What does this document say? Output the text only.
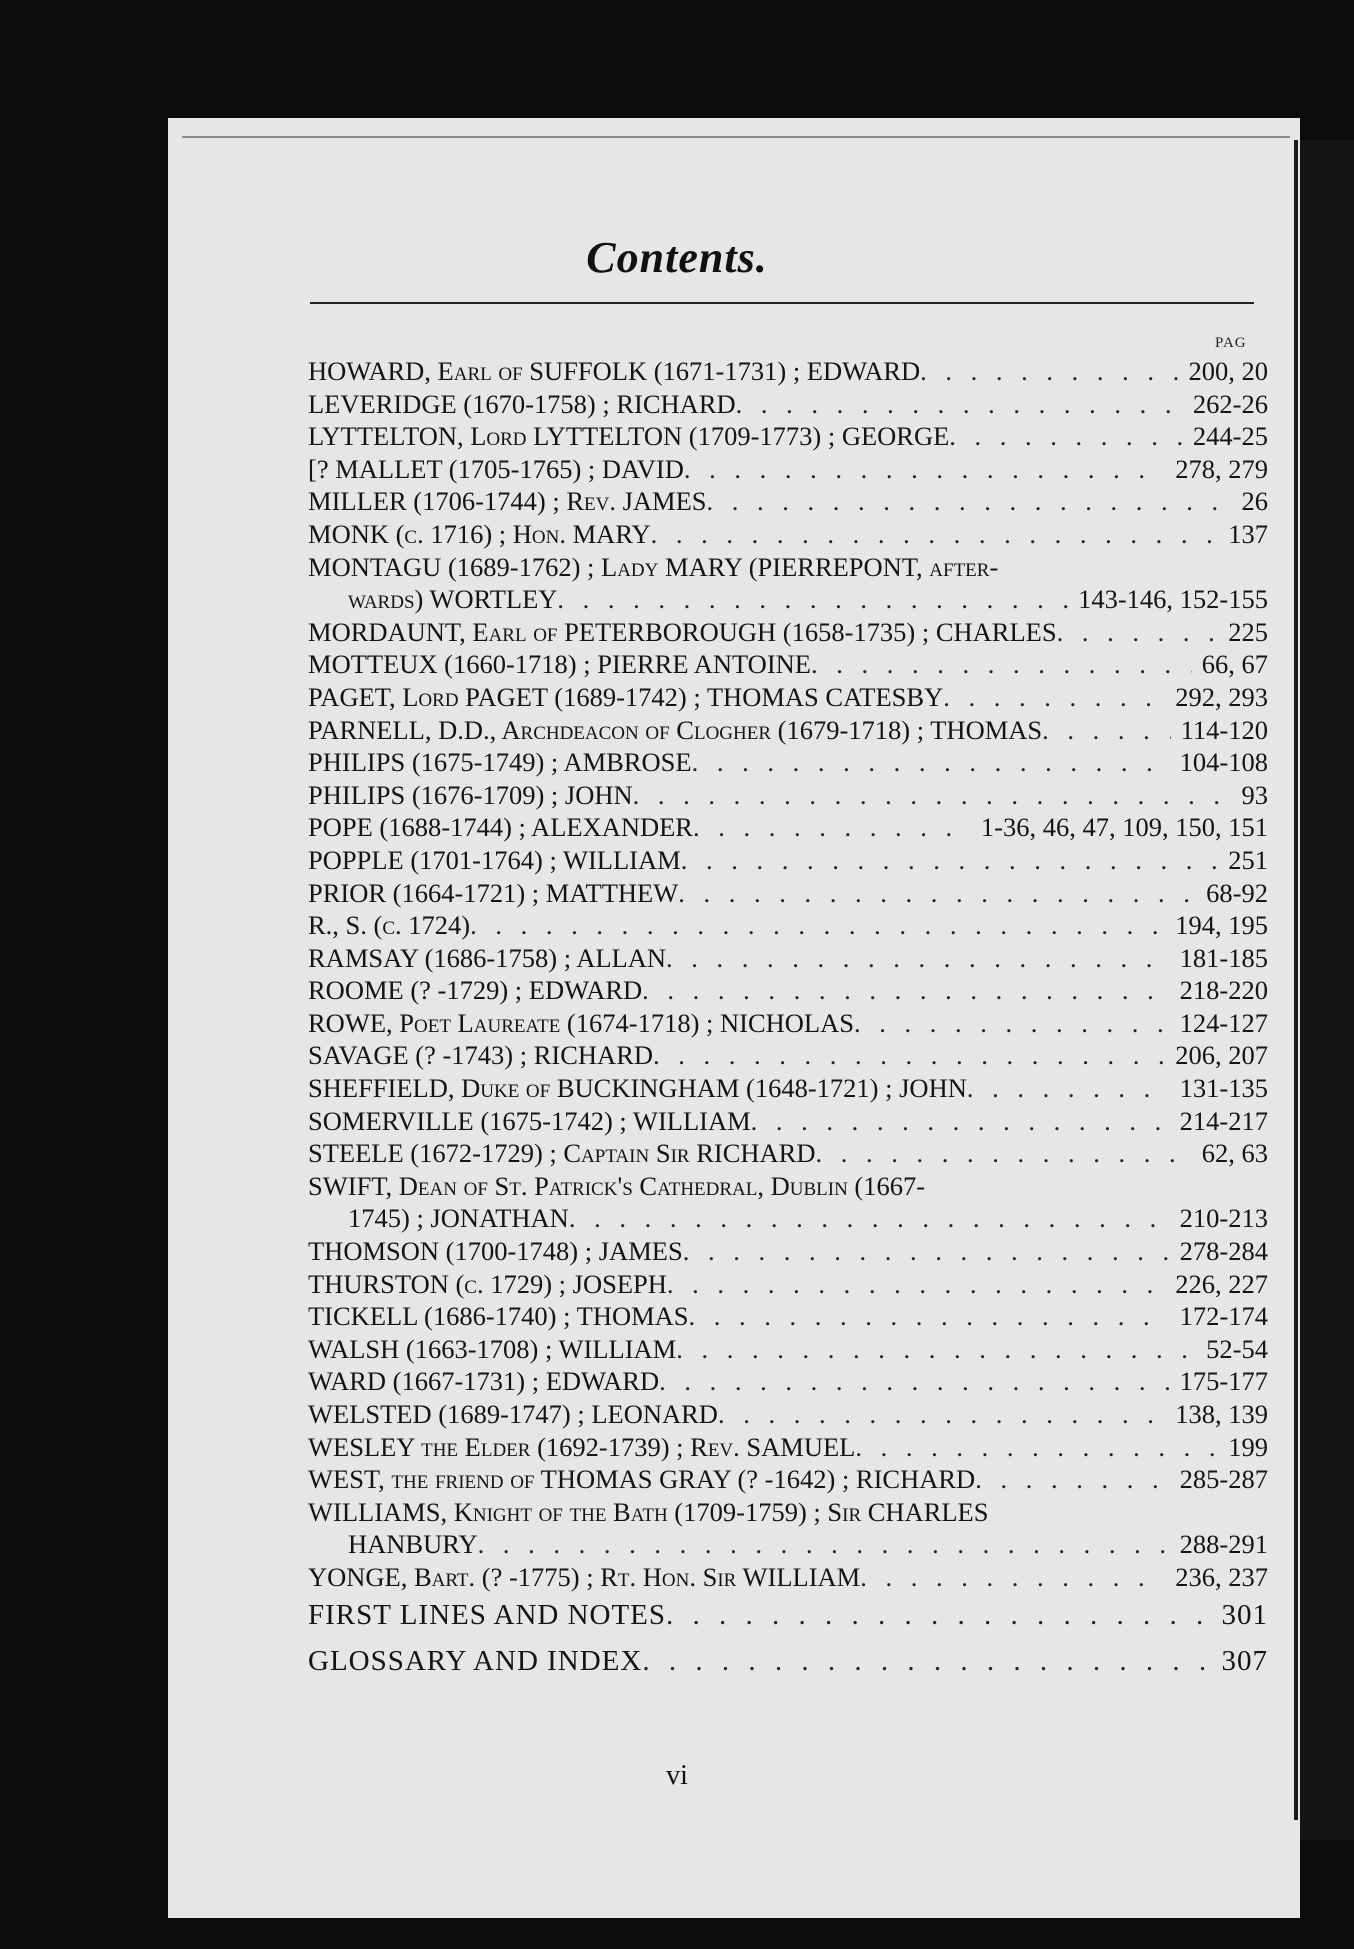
Contents.
PAG
HOWARD, Earl of SUFFOLK (1671-1731) ; EDWARD . . .	200, 20
LEVERIDGE (1670-1758) ; RICHARD . . .	262-26
LYTTELTON, Lord LYTTELTON (1709-1773) ; GEORGE . . .	244-25
[? MALLET (1705-1765) ; DAVID . . .	278, 279
MILLER (1706-1744) ; Rev. JAMES . . .	26
MONK (c. 1716) ; Hon. MARY . . .	137
MONTAGU (1689-1762) ; Lady MARY (PIERREPONT, after-
wards) WORTLEY . . .	143-146, 152-155
MORDAUNT, Earl of PETERBOROUGH (1658-1735) ; CHARLES . . .	225
MOTTEUX (1660-1718) ; PIERRE ANTOINE . . .	66, 67
PAGET, Lord PAGET (1689-1742) ; THOMAS CATESBY . . .	292, 293
PARNELL, D.D., Archdeacon of Clogher (1679-1718) ; THOMAS . . .	114-120
PHILIPS (1675-1749) ; AMBROSE . . .	104-108
PHILIPS (1676-1709) ; JOHN . . .	93
POPE (1688-1744) ; ALEXANDER . . .	1-36, 46, 47, 109, 150, 151
POPPLE (1701-1764) ; WILLIAM . . .	251
PRIOR (1664-1721) ; MATTHEW . . .	68-92
R., S. (c. 1724) . . .	194, 195
RAMSAY (1686-1758) ; ALLAN . . .	181-185
ROOME (? -1729) ; EDWARD . . .	218-220
ROWE, Poet Laureate (1674-1718) ; NICHOLAS . . .	124-127
SAVAGE (? -1743) ; RICHARD . . .	206, 207
SHEFFIELD, Duke of BUCKINGHAM (1648-1721) ; JOHN . . .	131-135
SOMERVILLE (1675-1742) ; WILLIAM . . .	214-217
STEELE (1672-1729) ; Captain Sir RICHARD . . .	62, 63
SWIFT, Dean of St. Patrick's Cathedral, Dublin (1667-
1745) ; JONATHAN . . .	210-213
THOMSON (1700-1748) ; JAMES . . .	278-284
THURSTON (c. 1729) ; JOSEPH . . .	226, 227
TICKELL (1686-1740) ; THOMAS . . .	172-174
WALSH (1663-1708) ; WILLIAM . . .	52-54
WARD (1667-1731) ; EDWARD . . .	175-177
WELSTED (1689-1747) ; LEONARD . . .	138, 139
WESLEY the Elder (1692-1739) ; Rev. SAMUEL . . .	199
WEST, the friend of THOMAS GRAY (? -1642) ; RICHARD . . .	285-287
WILLIAMS, Knight of the Bath (1709-1759) ; Sir CHARLES
HANBURY . . .	288-291
YONGE, Bart. (? -1775) ; Rt. Hon. Sir WILLIAM . . .	236, 237
FIRST LINES AND NOTES . . .	301
GLOSSARY AND INDEX . . .	307
vi
